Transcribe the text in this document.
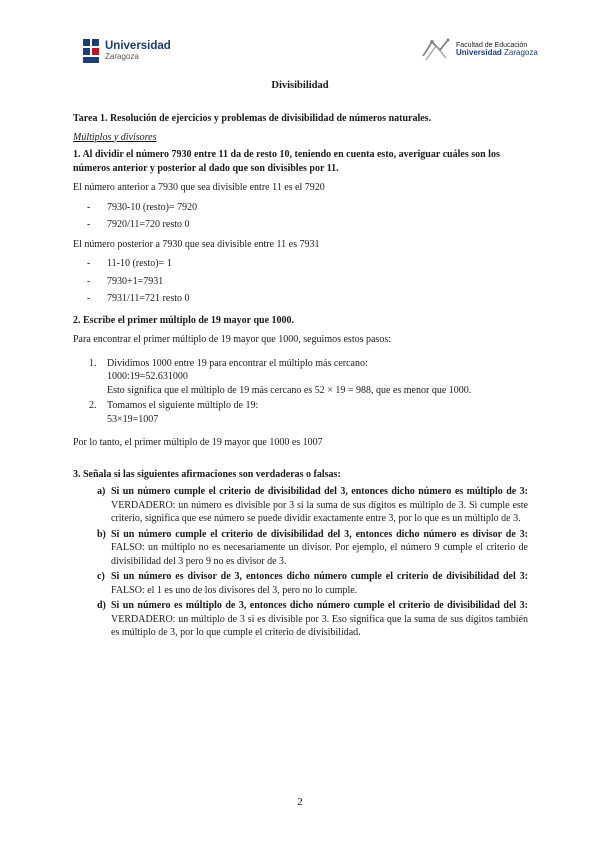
Universidad
Zaragoza
Facultad de Educación
Universidad Zaragoza
Divisibilidad

Tarea 1. Resolución de ejercicios y problemas de divisibilidad de números naturales.

Múltiplos y divisores

1. Al dividir el número 7930 entre 11 da de resto 10, teniendo en cuenta esto, averiguar cuáles son los números anterior y posterior al dado que son divisibles por 11.

El número anterior a 7930 que sea divisible entre 11 es el 7920

- 7930-10 (resto)= 7920
- 7920/11=720 resto 0

El número posterior a 7930 que sea divisible entre 11 es 7931

- 11-10 (resto)= 1
- 7930+1=7931
- 7931/11=721 resto 0

2. Escribe el primer múltiplo de 19 mayor que 1000.

Para encontrar el primer múltiplo de 19 mayor que 1000, seguimos estos pasos:

1. Dividimos 1000 entre 19 para encontrar el múltiplo más cercano:
1000:19=52.631000
Esto significa que el múltiplo de 19 más cercano es 52 × 19 = 988, que es menor que 1000.
2. Tomamos el siguiente múltiplo de 19:
53×19=1007

Por lo tanto, el primer múltiplo de 19 mayor que 1000 es 1007

3. Señala si las siguientes afirmaciones son verdaderas o falsas:

a) Si un número cumple el criterio de divisibilidad del 3, entonces dicho número es múltiplo de 3: VERDADERO: un número es divisible por 3 si la suma de sus dígitos es múltiplo de 3. Si cumple este criterio, significa que ese número se puede dividir exactamente entre 3, por lo que es un múltiplo de 3.
b) Si un número cumple el criterio de divisibilidad del 3, entonces dicho número es divisor de 3: FALSO: un múltiplo no es necesariamente un divisor. Por ejemplo, el número 9 cumple el criterio de divisibilidad del 3 pero 9 no es divisor de 3.
c) Si un número es divisor de 3, entonces dicho número cumple el criterio de divisibilidad del 3: FALSO: el 1 es uno de los divisores del 3, pero no lo cumple.
d) Si un número es múltiplo de 3, entonces dicho número cumple el criterio de divisibilidad del 3: VERDADERO: un múltiplo de 3 si es divisible por 3. Eso significa que la suma de sus dígitos también es múltiplo de 3, por lo que cumple el criterio de divisibilidad.
2
